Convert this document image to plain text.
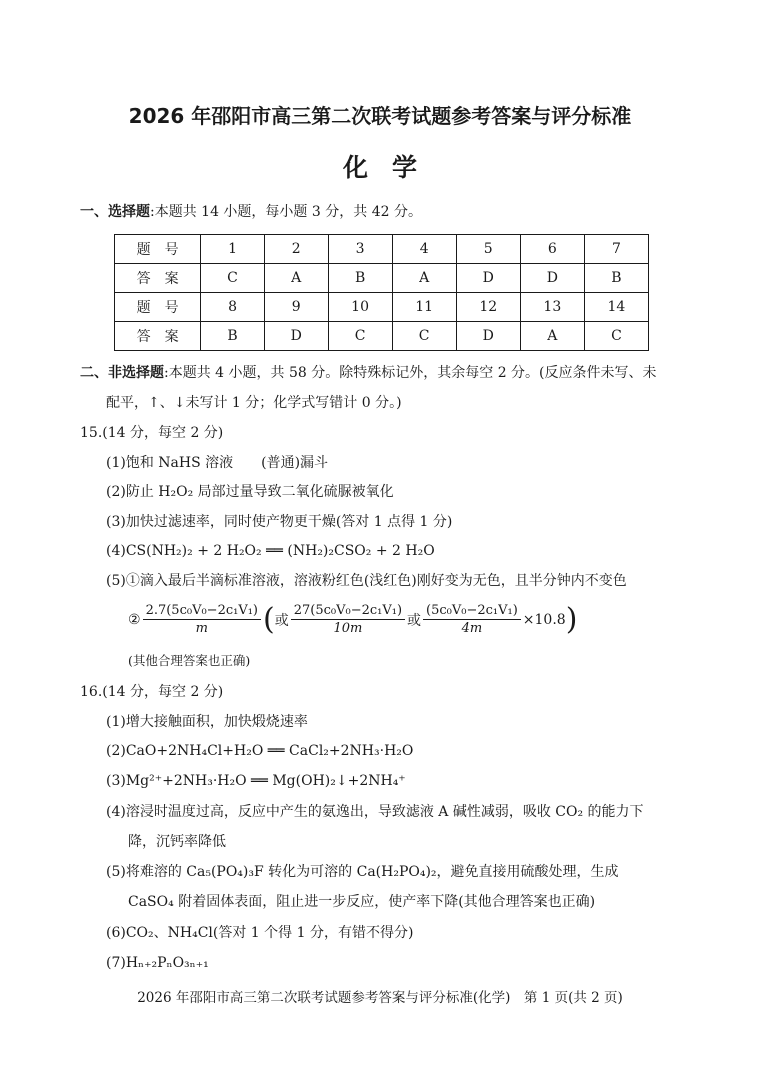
2026 年邵阳市高三第二次联考试题参考答案与评分标准
化学
一、选择题:本题共 14 小题，每小题 3 分，共 42 分。
题号	1	2	3	4	5	6	7
答案	C	A	B	A	D	D	B
题号	8	9	10	11	12	13	14
答案	B	D	C	C	D	A	C
二、非选择题:本题共 4 小题，共 58 分。除特殊标记外，其余每空 2 分。(反应条件未写、未
配平，↑、↓未写计 1 分；化学式写错计 0 分。)
15.(14 分，每空 2 分)
(1)饱和 NaHS 溶液　　(普通)漏斗
(2)防止 H₂O₂ 局部过量导致二氧化硫脲被氧化
(3)加快过滤速率，同时使产物更干燥(答对 1 点得 1 分)
(4)CS(NH₂)₂ + 2 H₂O₂ ══ (NH₂)₂CSO₂ + 2 H₂O
(5)①滴入最后半滴标准溶液，溶液粉红色(浅红色)刚好变为无色，且半分钟内不变色
② $\frac{\text{2.7(5c₀V₀−2c₁V₁)}}{m}$ ( 或 $\frac{\text{27(5c₀V₀−2c₁V₁)}}{10m}$ 或 $\frac{\text{(5c₀V₀−2c₁V₁)}}{4m} \times 10.8$ )
(其他合理答案也正确)
16.(14 分，每空 2 分)
(1)增大接触面积，加快煅烧速率
(2)CaO+2NH₄Cl+H₂O ══ CaCl₂+2NH₃·H₂O
(3)Mg²⁺+2NH₃·H₂O ══ Mg(OH)₂↓+2NH₄⁺
(4)溶浸时温度过高，反应中产生的氨逸出，导致滤液 A 碱性减弱，吸收 CO₂ 的能力下
降，沉钙率降低
(5)将难溶的 Ca₅(PO₄)₃F 转化为可溶的 Ca(H₂PO₄)₂，避免直接用硫酸处理，生成
CaSO₄ 附着固体表面，阻止进一步反应，使产率下降(其他合理答案也正确)
(6)CO₂、NH₄Cl(答对 1 个得 1 分，有错不得分)
(7)Hₙ₊₂PₙO₃ₙ₊₁
2026 年邵阳市高三第二次联考试题参考答案与评分标准(化学)　第 1 页(共 2 页)
